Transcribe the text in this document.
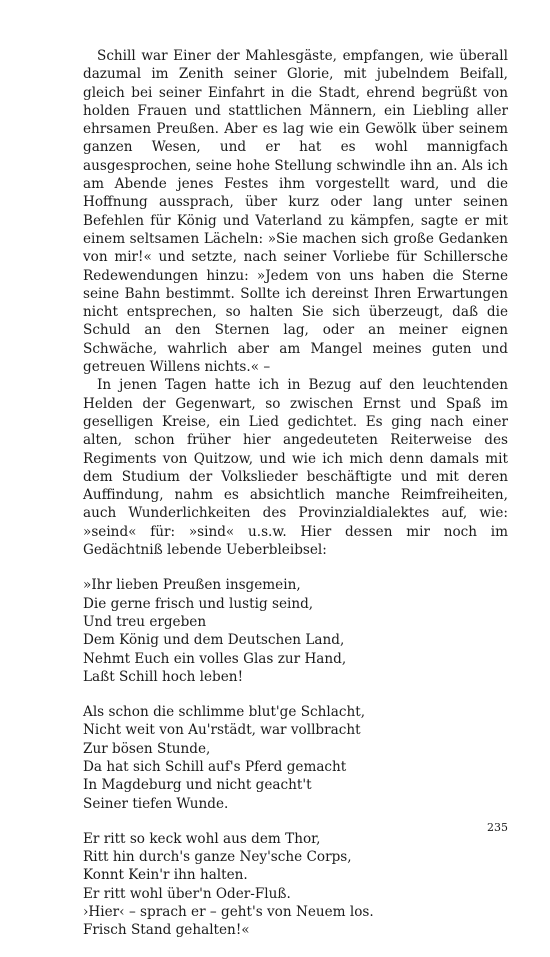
Schill war Einer der Mahlesgäste, empfangen, wie überall dazumal im Zenith seiner Glorie, mit jubelndem Beifall, gleich bei seiner Einfahrt in die Stadt, ehrend begrüßt von holden Frauen und stattlichen Männern, ein Liebling aller ehrsamen Preußen. Aber es lag wie ein Gewölk über seinem ganzen Wesen, und er hat es wohl mannigfach ausgesprochen, seine hohe Stellung schwindle ihn an. Als ich am Abende jenes Festes ihm vorgestellt ward, und die Hoffnung aussprach, über kurz oder lang unter seinen Befehlen für König und Vaterland zu kämpfen, sagte er mit einem seltsamen Lächeln: »Sie machen sich große Gedanken von mir!« und setzte, nach seiner Vorliebe für Schillersche Redewendungen hinzu: »Jedem von uns haben die Sterne seine Bahn bestimmt. Sollte ich dereinst Ihren Erwartungen nicht entsprechen, so halten Sie sich überzeugt, daß die Schuld an den Sternen lag, oder an meiner eignen Schwäche, wahrlich aber am Mangel meines guten und getreuen Willens nichts.« –

In jenen Tagen hatte ich in Bezug auf den leuchtenden Helden der Gegenwart, so zwischen Ernst und Spaß im geselligen Kreise, ein Lied gedichtet. Es ging nach einer alten, schon früher hier angedeuteten Reiterweise des Regiments von Quitzow, und wie ich mich denn damals mit dem Studium der Volkslieder beschäftigte und mit deren Auffindung, nahm es absichtlich manche Reimfreiheiten, auch Wunderlichkeiten des Provinzialdialektes auf, wie: »seind« für: »sind« u.s.w. Hier dessen mir noch im Gedächtniß lebende Ueberbleibsel:

»Ihr lieben Preußen insgemein,
Die gerne frisch und lustig seind,
Und treu ergeben
Dem König und dem Deutschen Land,
Nehmt Euch ein volles Glas zur Hand,
Laßt Schill hoch leben!
Als schon die schlimme blut'ge Schlacht,
Nicht weit von Au'rstädt, war vollbracht
Zur bösen Stunde,
Da hat sich Schill auf's Pferd gemacht
In Magdeburg und nicht geacht't
Seiner tiefen Wunde.
Er ritt so keck wohl aus dem Thor,
Ritt hin durch's ganze Ney'sche Corps,
Konnt Kein'r ihn halten.
Er ritt wohl über'n Oder-Fluß.
›Hier‹ – sprach er – geht's von Neuem los.
Frisch Stand gehalten!«
235
